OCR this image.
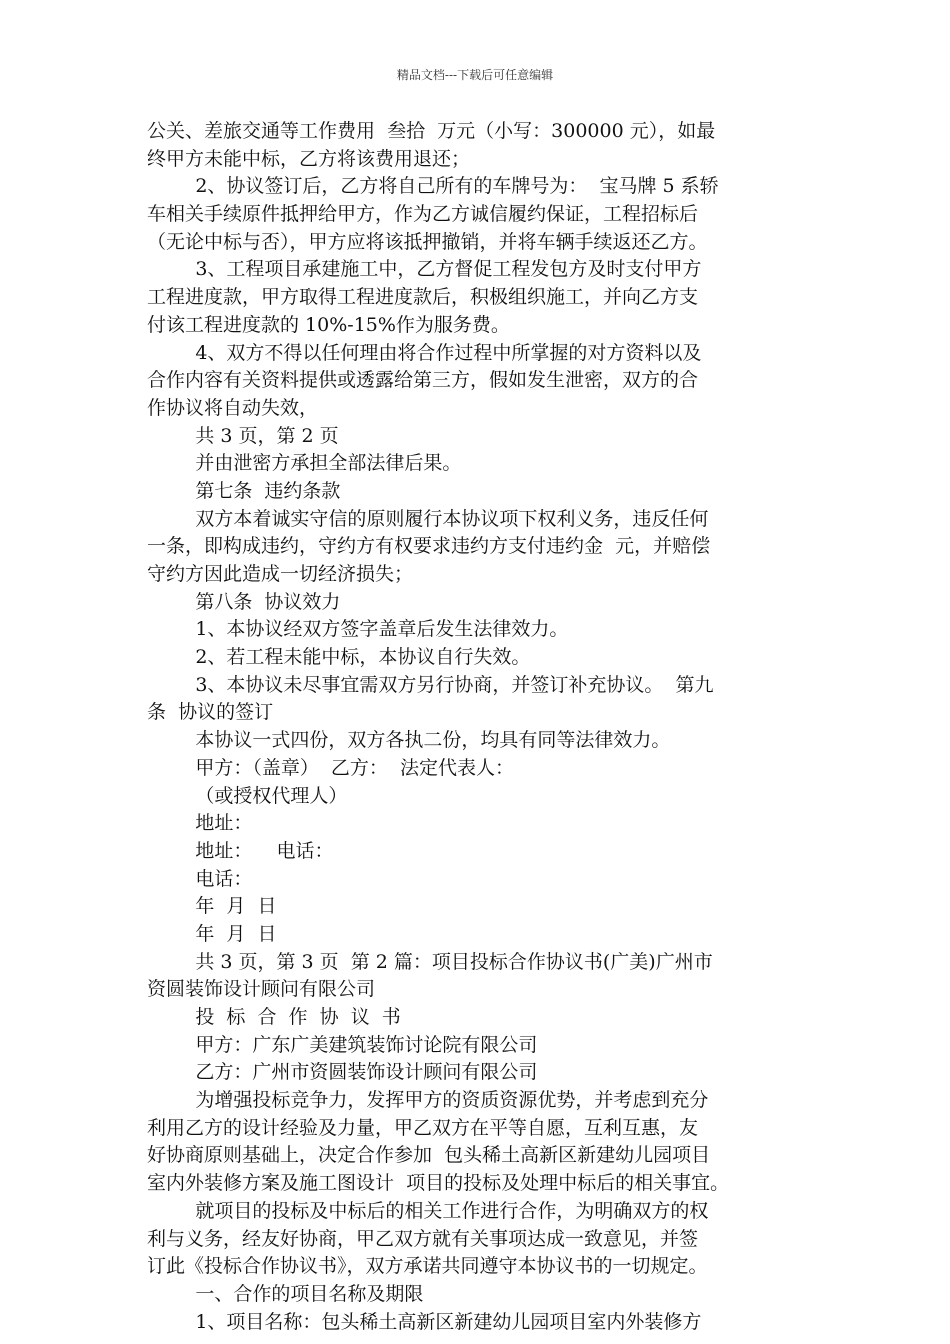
精品文档---下载后可任意编辑
公关、差旅交通等工作费用  叁拾  万元（小写：300000 元），如最
终甲方未能中标，乙方将该费用退还；
2、协议签订后，乙方将自己所有的车牌号为：  宝马牌 5 系轿
车相关手续原件抵押给甲方，作为乙方诚信履约保证，工程招标后
（无论中标与否），甲方应将该抵押撤销，并将车辆手续返还乙方。
3、工程项目承建施工中，乙方督促工程发包方及时支付甲方
工程进度款，甲方取得工程进度款后，积极组织施工，并向乙方支
付该工程进度款的 10%-15%作为服务费。
4、双方不得以任何理由将合作过程中所掌握的对方资料以及
合作内容有关资料提供或透露给第三方，假如发生泄密，双方的合
作协议将自动失效，
共 3 页，第 2 页
并由泄密方承担全部法律后果。
第七条  违约条款
双方本着诚实守信的原则履行本协议项下权利义务，违反任何
一条，即构成违约，守约方有权要求违约方支付违约金  元，并赔偿
守约方因此造成一切经济损失；
第八条  协议效力
1、本协议经双方签字盖章后发生法律效力。
2、若工程未能中标，本协议自行失效。
3、本协议未尽事宜需双方另行协商，并签订补充协议。  第九
条  协议的签订
本协议一式四份，双方各执二份，均具有同等法律效力。
甲方：（盖章）  乙方：  法定代表人：
（或授权代理人）
地址：
地址：    电话：
电话：
年  月  日
年  月  日
共 3 页，第 3 页  第 2 篇：项目投标合作协议书(广美)广州市
资圆装饰设计顾问有限公司
投  标  合  作  协  议  书
甲方：广东广美建筑装饰讨论院有限公司
乙方：广州市资圆装饰设计顾问有限公司
为增强投标竞争力，发挥甲方的资质资源优势，并考虑到充分
利用乙方的设计经验及力量，甲乙双方在平等自愿，互利互惠，友
好协商原则基础上，决定合作参加  包头稀土高新区新建幼儿园项目
室内外装修方案及施工图设计  项目的投标及处理中标后的相关事宜。
就项目的投标及中标后的相关工作进行合作，为明确双方的权
利与义务，经友好协商，甲乙双方就有关事项达成一致意见，并签
订此《投标合作协议书》，双方承诺共同遵守本协议书的一切规定。
一、合作的项目名称及期限
1、项目名称：包头稀土高新区新建幼儿园项目室内外装修方
